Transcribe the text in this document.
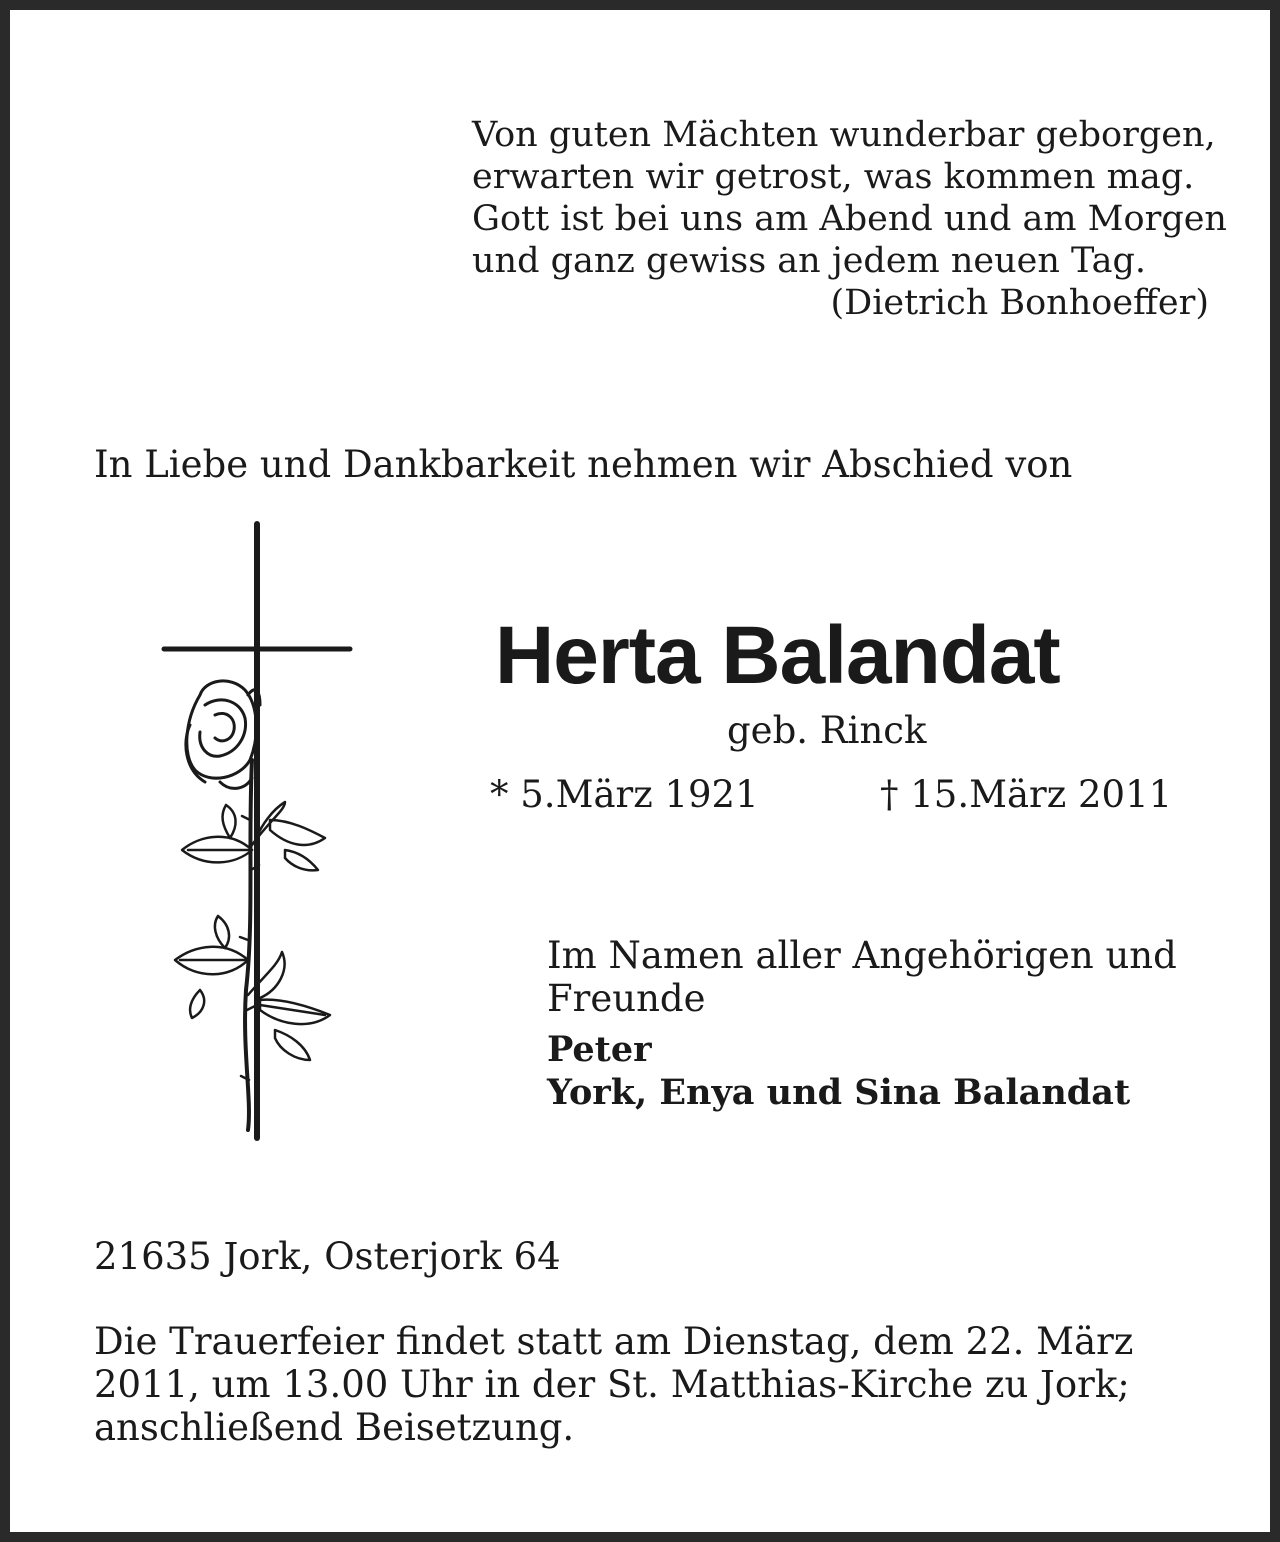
Von guten Mächten wunderbar geborgen,
erwarten wir getrost, was kommen mag.
Gott ist bei uns am Abend und am Morgen
und ganz gewiss an jedem neuen Tag.
(Dietrich Bonhoeffer)
In Liebe und Dankbarkeit nehmen wir Abschied von
Herta Balandat
geb. Rinck
* 5.März 1921	† 15.März 2011
Im Namen aller Angehörigen und
Freunde
Peter
York, Enya und Sina Balandat
21635 Jork, Osterjork 64
Die Trauerfeier findet statt am Dienstag, dem 22. März
2011, um 13.00 Uhr in der St. Matthias-Kirche zu Jork;
anschließend Beisetzung.
